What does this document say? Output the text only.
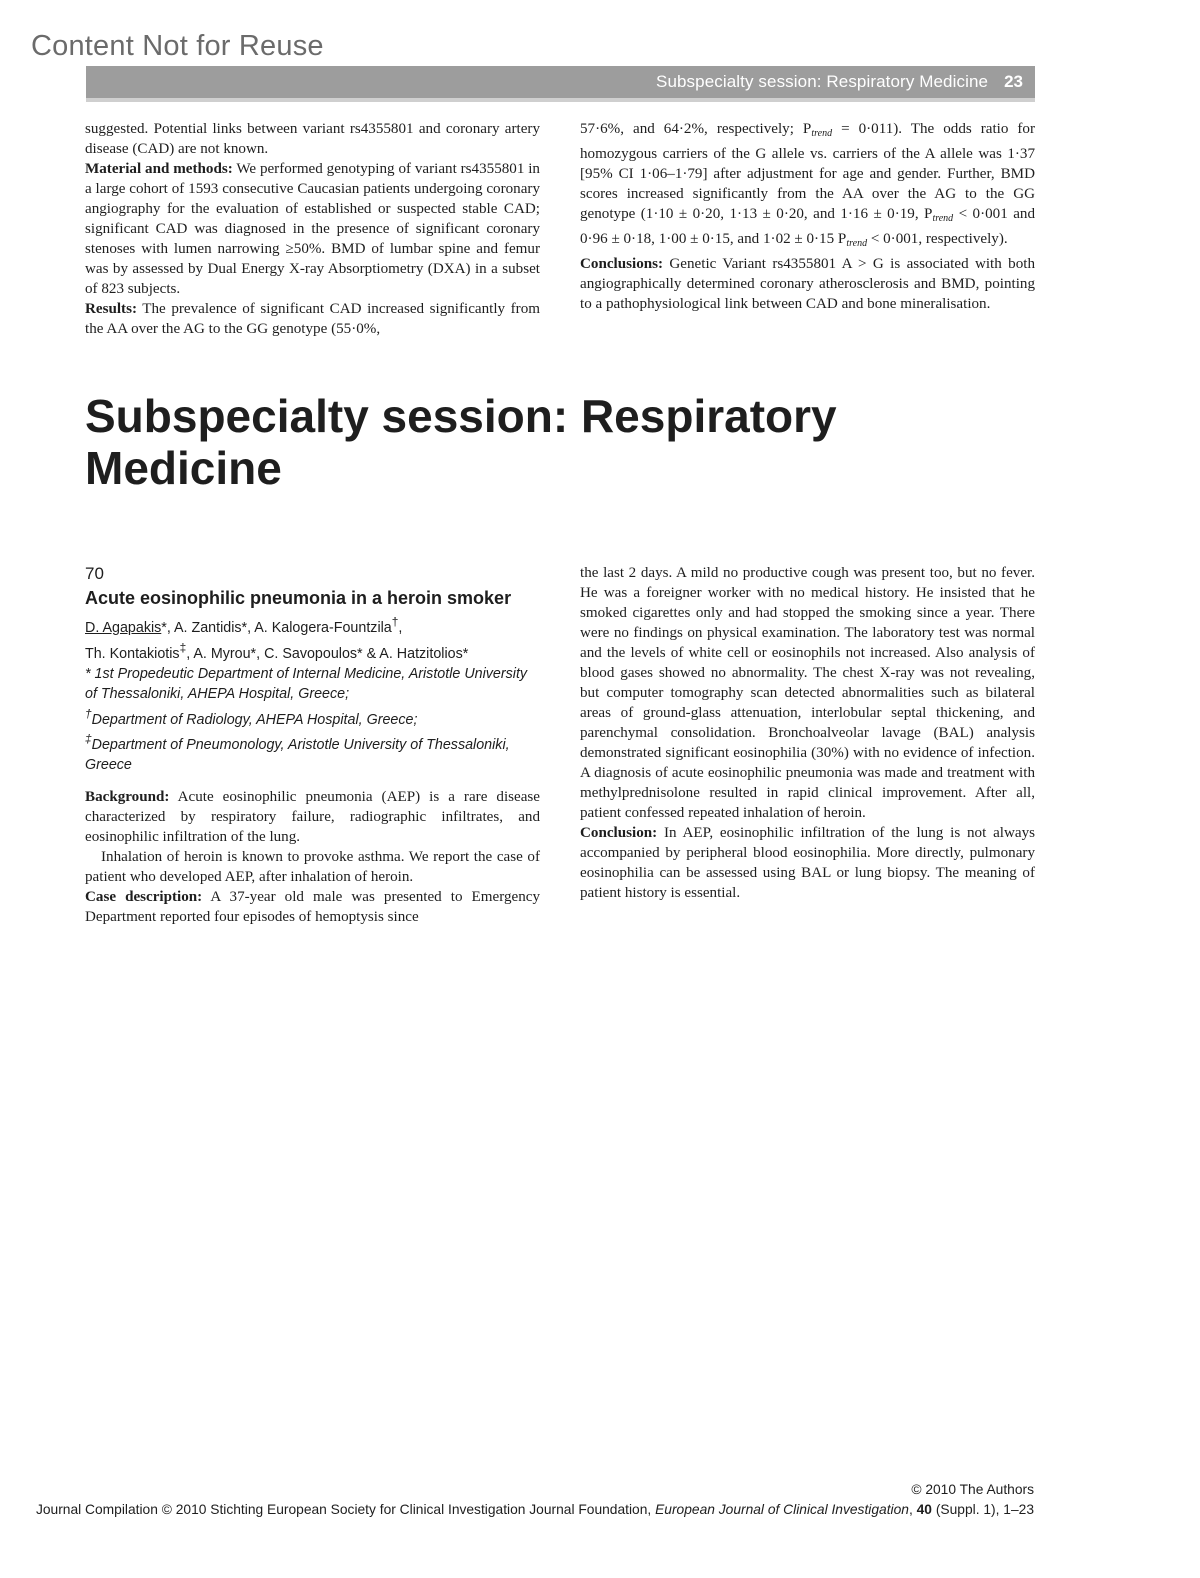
Content Not for Reuse
Subspecialty session: Respiratory Medicine 23

suggested. Potential links between variant rs4355801 and coronary artery disease (CAD) are not known.

Material and methods: We performed genotyping of variant rs4355801 in a large cohort of 1593 consecutive Caucasian patients undergoing coronary angiography for the evaluation of established or suspected stable CAD; significant CAD was diagnosed in the presence of significant coronary stenoses with lumen narrowing ≥50%. BMD of lumbar spine and femur was by assessed by Dual Energy X-ray Absorptiometry (DXA) in a subset of 823 subjects.

Results: The prevalence of significant CAD increased significantly from the AA over the AG to the GG genotype (55·0%,

57·6%, and 64·2%, respectively; $P_{trend} = 0\cdot 011$). The odds ratio for homozygous carriers of the G allele vs. carriers of the A allele was 1·37 [95% CI 1·06–1·79] after adjustment for age and gender. Further, BMD scores increased significantly from the AA over the AG to the GG genotype (1·10 ± 0·20, 1·13 ± 0·20, and 1·16 ± 0·19, $P_{trend} < 0\cdot 001$ and 0·96 ± 0·18, 1·00 ± 0·15, and 1·02 ± 0·15 $P_{trend} < 0\cdot 001$, respectively).

Conclusions: Genetic Variant rs4355801 A > G is associated with both angiographically determined coronary atherosclerosis and BMD, pointing to a pathophysiological link between CAD and bone mineralisation.

Subspecialty session: Respiratory Medicine
70
Acute eosinophilic pneumonia in a heroin smoker
D. Agapakis*, A. Zantidis*, A. Kalogera-Fountzila†,
Th. Kontakiotis‡, A. Myrou*, C. Savopoulos* & A. Hatzitolios*
* 1st Propedeutic Department of Internal Medicine, Aristotle University of Thessaloniki, AHEPA Hospital, Greece;
†Department of Radiology, AHEPA Hospital, Greece;
‡Department of Pneumonology, Aristotle University of Thessaloniki, Greece

Background: Acute eosinophilic pneumonia (AEP) is a rare disease characterized by respiratory failure, radiographic infiltrates, and eosinophilic infiltration of the lung.

Inhalation of heroin is known to provoke asthma. We report the case of patient who developed AEP, after inhalation of heroin.

Case description: A 37-year old male was presented to Emergency Department reported four episodes of hemoptysis since

the last 2 days. A mild no productive cough was present too, but no fever. He was a foreigner worker with no medical history. He insisted that he smoked cigarettes only and had stopped the smoking since a year. There were no findings on physical examination. The laboratory test was normal and the levels of white cell or eosinophils not increased. Also analysis of blood gases showed no abnormality. The chest X-ray was not revealing, but computer tomography scan detected abnormalities such as bilateral areas of ground-glass attenuation, interlobular septal thickening, and parenchymal consolidation. Bronchoalveolar lavage (BAL) analysis demonstrated significant eosinophilia (30%) with no evidence of infection. A diagnosis of acute eosinophilic pneumonia was made and treatment with methylprednisolone resulted in rapid clinical improvement. After all, patient confessed repeated inhalation of heroin.

Conclusion: In AEP, eosinophilic infiltration of the lung is not always accompanied by peripheral blood eosinophilia. More directly, pulmonary eosinophilia can be assessed using BAL or lung biopsy. The meaning of patient history is essential.

© 2010 The Authors
Journal Compilation © 2010 Stichting European Society for Clinical Investigation Journal Foundation, European Journal of Clinical Investigation, 40 (Suppl. 1), 1–23
